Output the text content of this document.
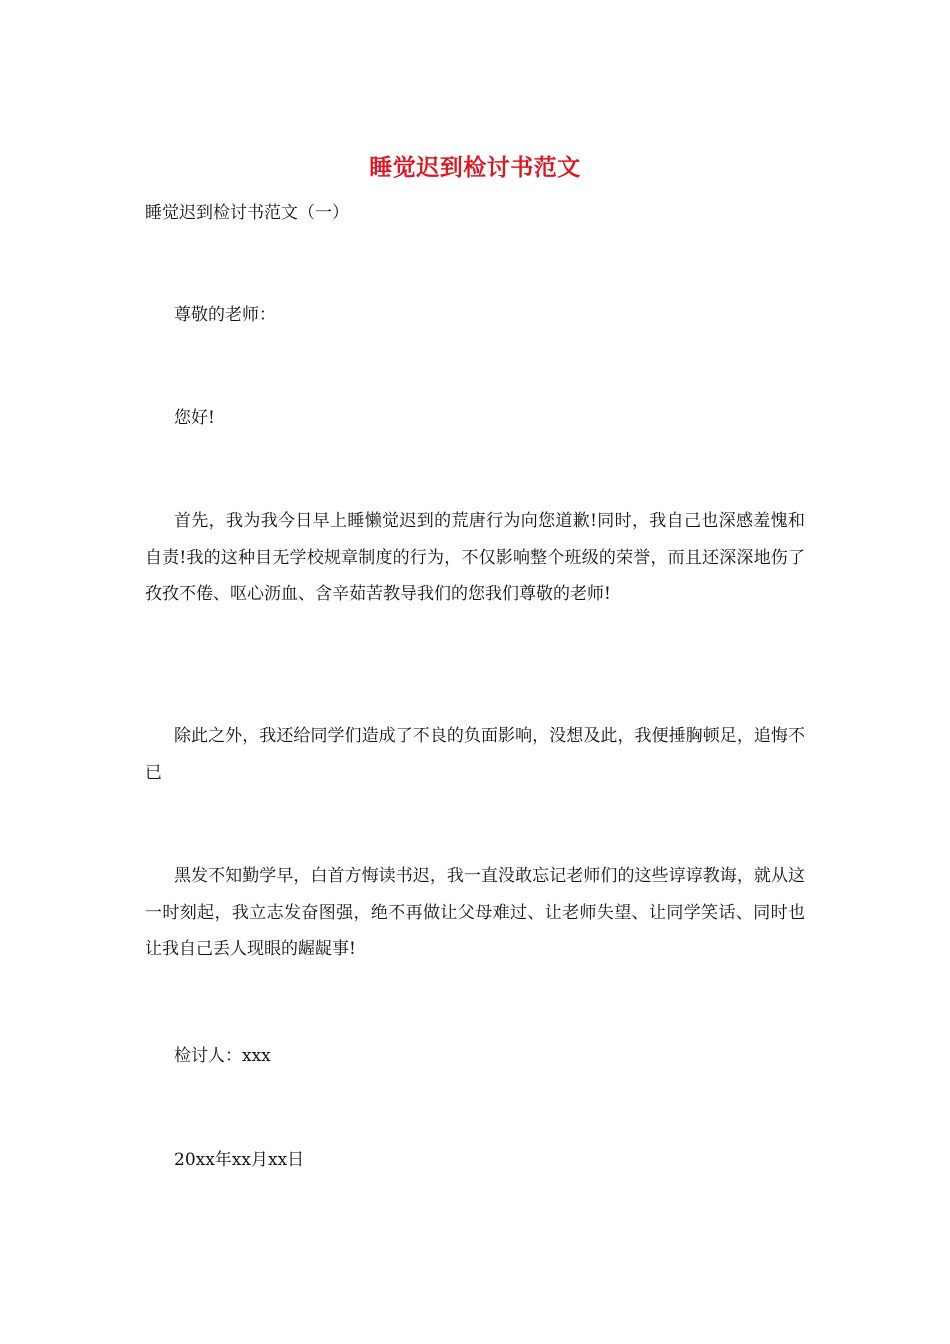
睡觉迟到检讨书范文
睡觉迟到检讨书范文（一）
尊敬的老师：
您好!
首先，我为我今日早上睡懒觉迟到的荒唐行为向您道歉!同时，我自己也深感羞愧和自责!我的这种目无学校规章制度的行为，不仅影响整个班级的荣誉，而且还深深地伤了孜孜不倦、呕心沥血、含辛茹苦教导我们的您我们尊敬的老师!
除此之外，我还给同学们造成了不良的负面影响，没想及此，我便捶胸顿足，追悔不已
黑发不知勤学早，白首方悔读书迟，我一直没敢忘记老师们的这些谆谆教诲，就从这一时刻起，我立志发奋图强，绝不再做让父母难过、让老师失望、让同学笑话、同时也让我自己丢人现眼的龌龊事!
检讨人：xxx
20xx年xx月xx日
